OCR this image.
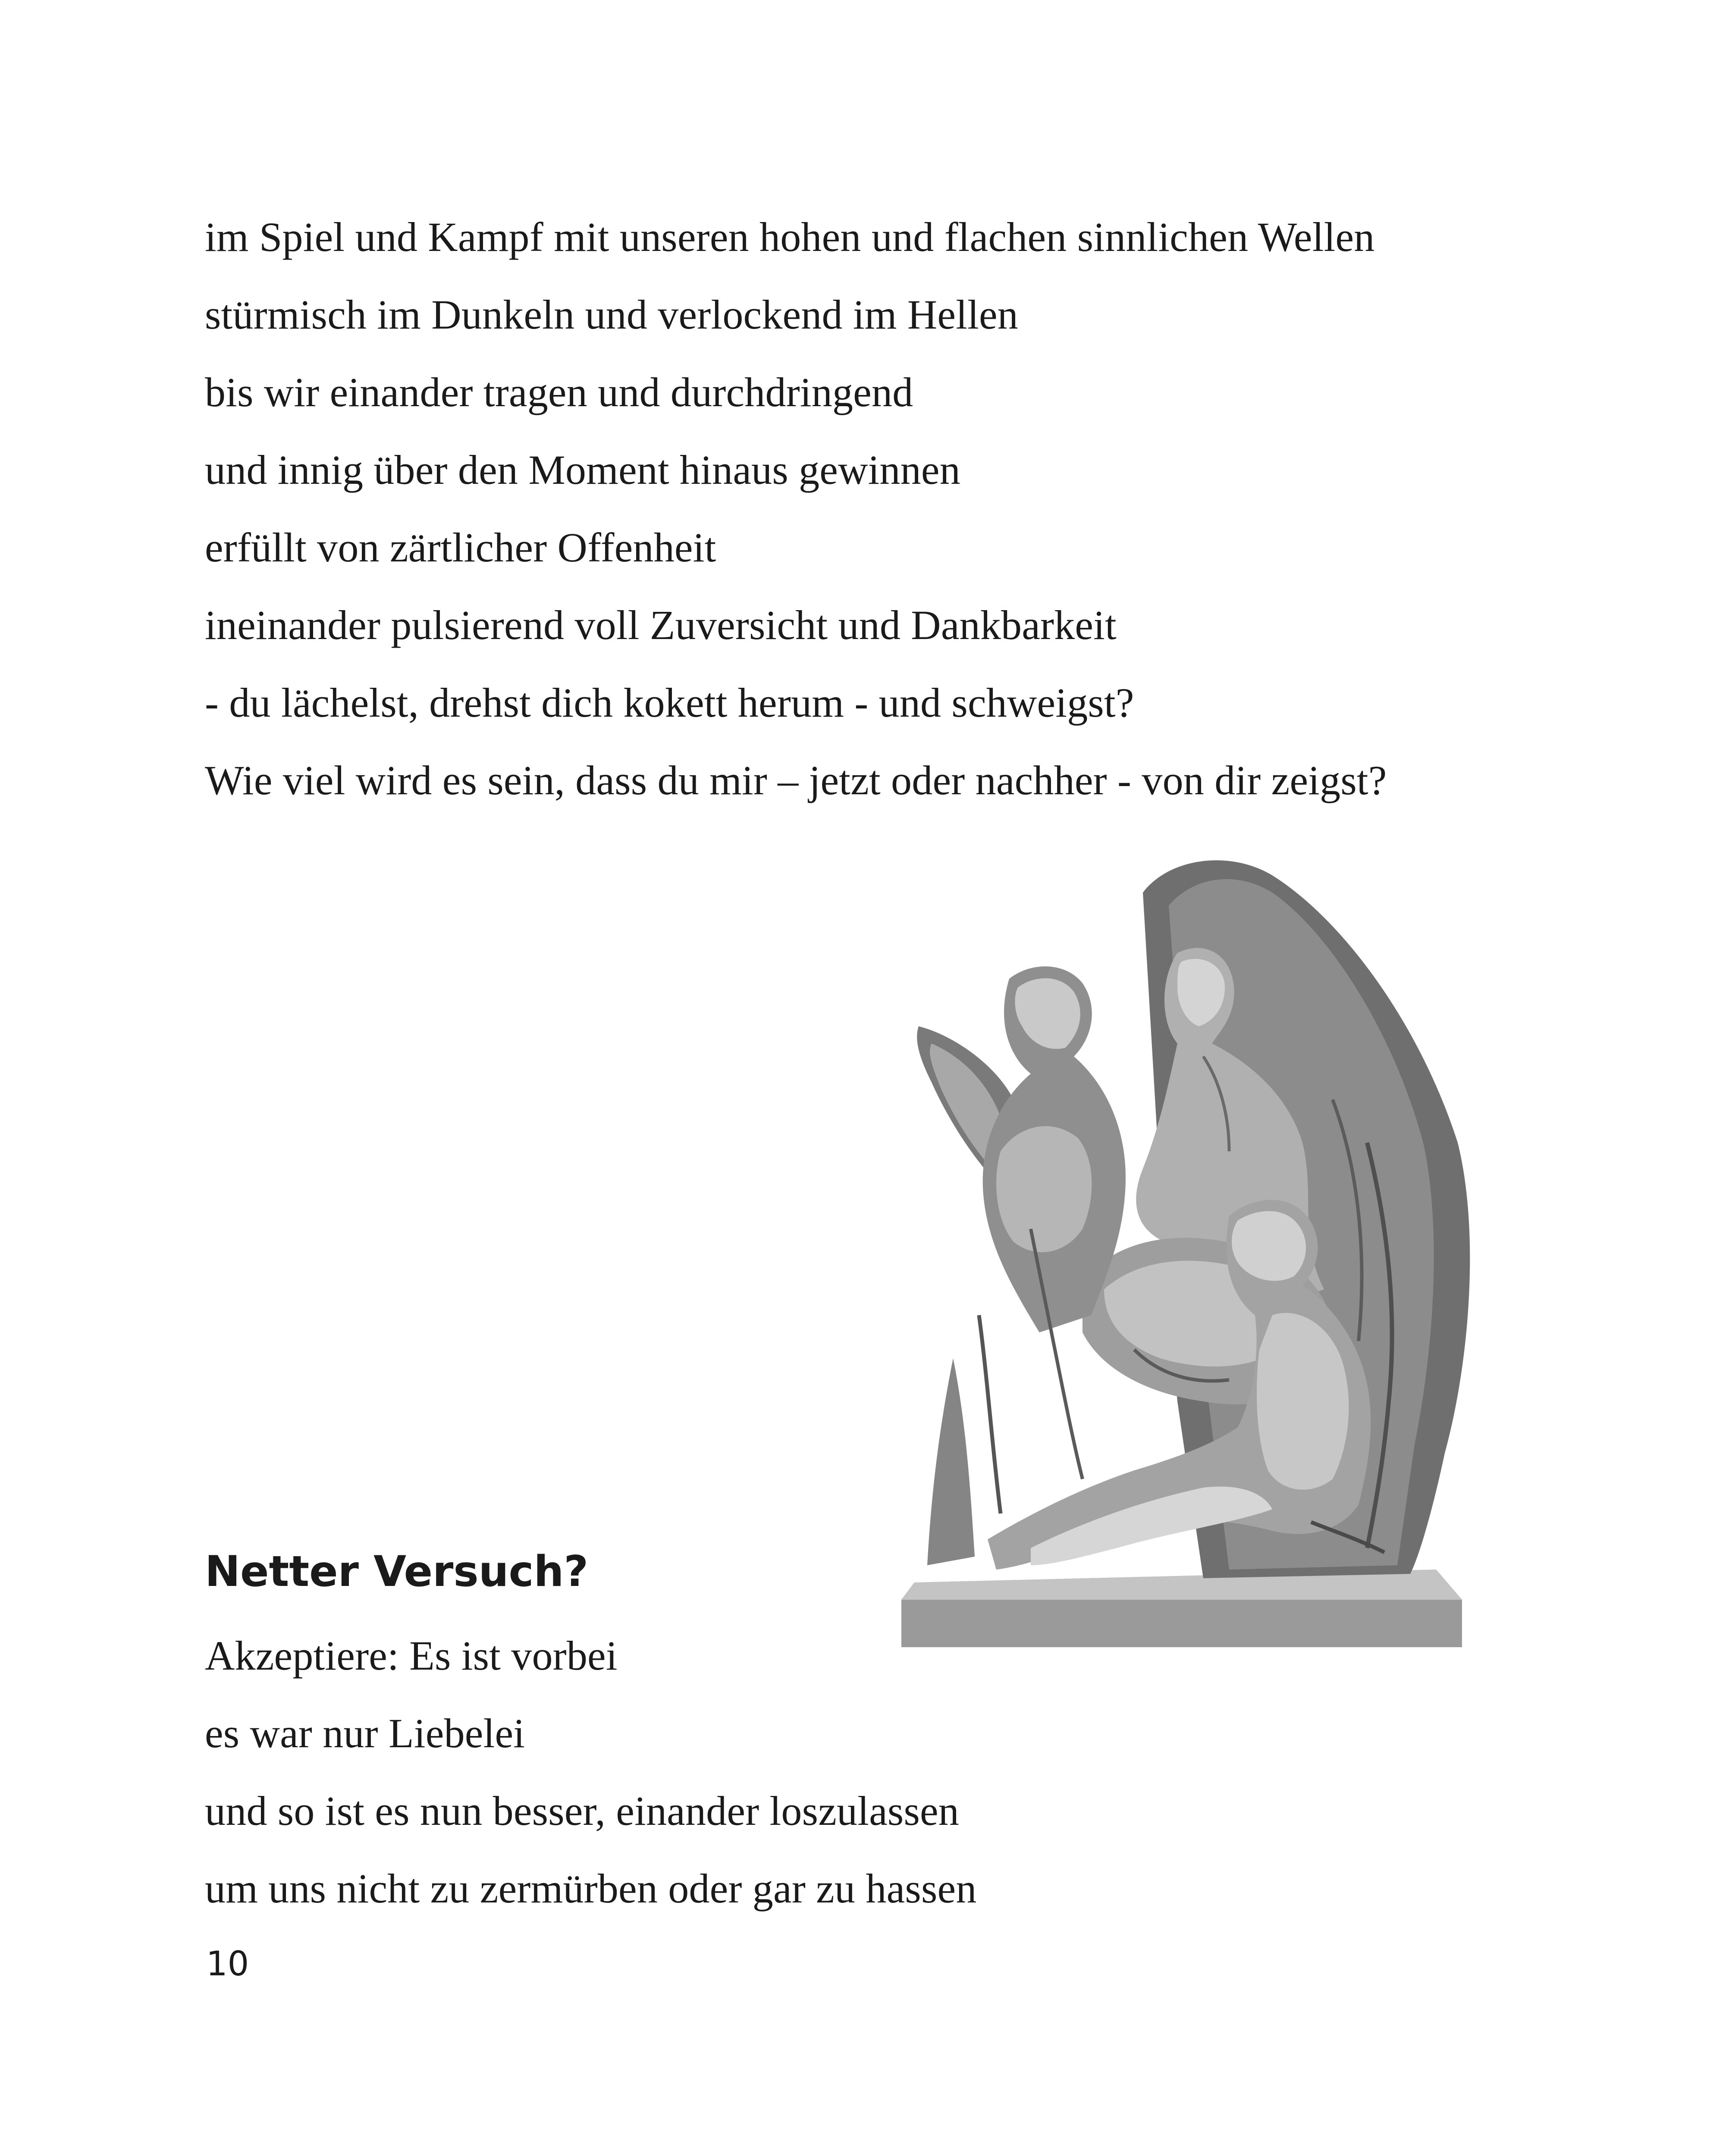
im Spiel und Kampf mit unseren hohen und flachen sinnlichen Wellen
stürmisch im Dunkeln und verlockend im Hellen
bis wir einander tragen und durchdringend
und innig über den Moment hinaus gewinnen
erfüllt von zärtlicher Offenheit
ineinander pulsierend voll Zuversicht und Dankbarkeit
- du lächelst, drehst dich kokett herum - und schweigst?
Wie viel wird es sein, dass du mir – jetzt oder nachher - von dir zeigst?
Netter Versuch?
Akzeptiere: Es ist vorbei
es war nur Liebelei
und so ist es nun besser, einander loszulassen
um uns nicht zu zermürben oder gar zu hassen
10
